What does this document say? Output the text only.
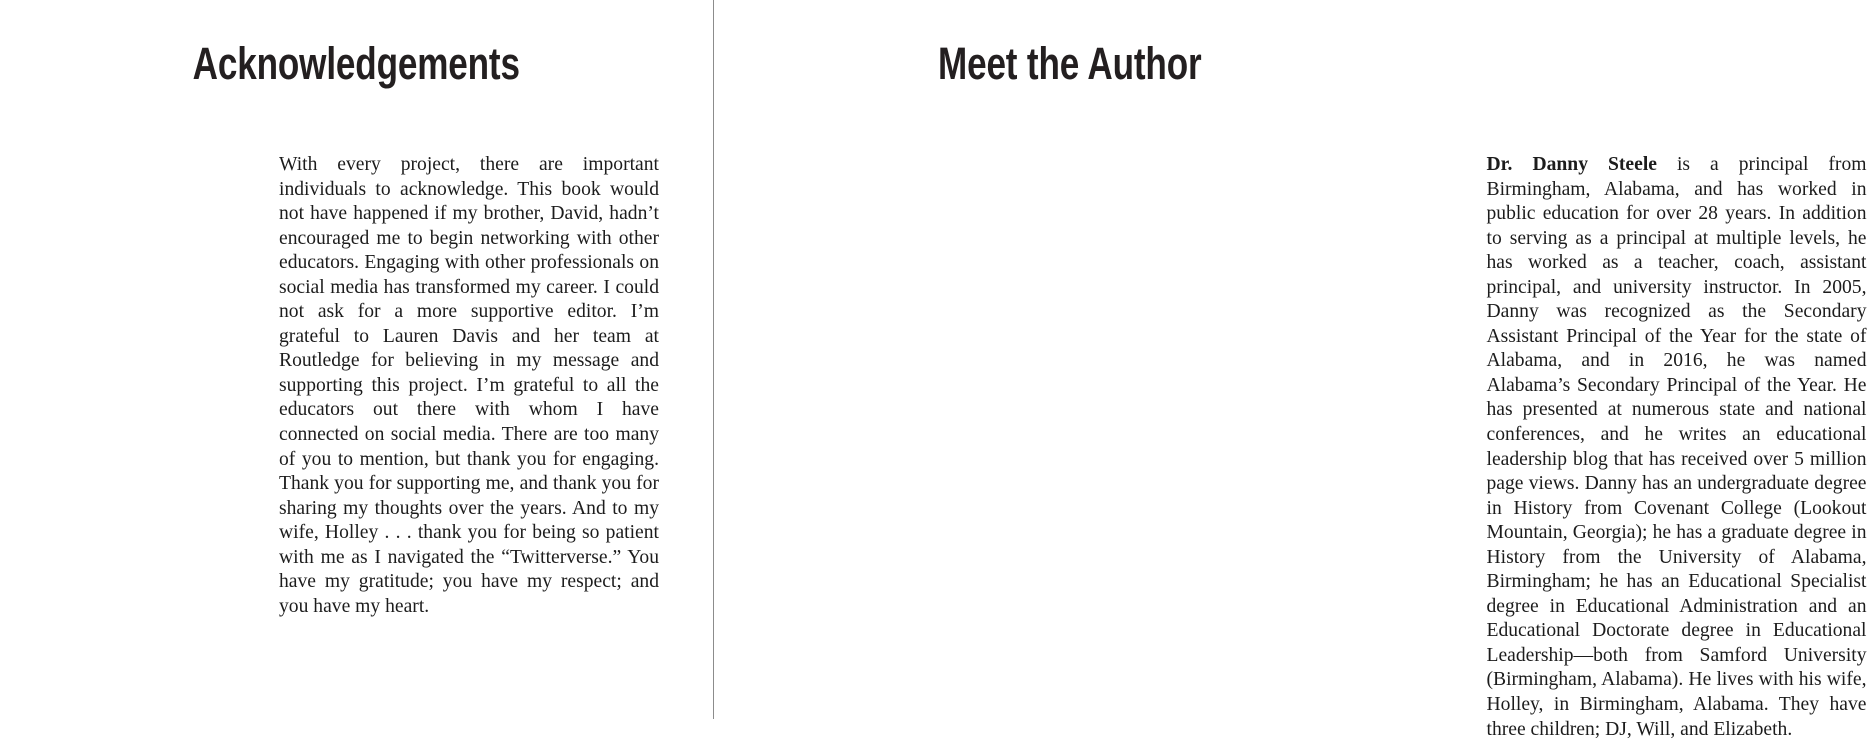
Acknowledgements

With every project, there are important individuals to acknowledge. This book would not have happened if my brother, David, hadn’t encouraged me to begin networking with other educators. Engaging with other professionals on social media has transformed my career. I could not ask for a more supportive editor. I’m grateful to Lauren Davis and her team at Routledge for believing in my message and supporting this project. I’m grateful to all the educators out there with whom I have connected on social media. There are too many of you to mention, but thank you for engaging. Thank you for supporting me, and thank you for sharing my thoughts over the years. And to my wife, Holley . . . thank you for being so patient with me as I navigated the “Twitterverse.” You have my gratitude; you have my respect; and you have my heart.

Meet the Author

Dr. Danny Steele is a principal from Birmingham, Alabama, and has worked in public education for over 28 years. In addition to serving as a principal at multiple levels, he has worked as a teacher, coach, assistant principal, and university instructor. In 2005, Danny was recognized as the Secondary Assistant Principal of the Year for the state of Alabama, and in 2016, he was named Alabama’s Secondary Principal of the Year. He has presented at numerous state and national conferences, and he writes an educational leadership blog that has received over 5 million page views. Danny has an undergraduate degree in History from Covenant College (Lookout Mountain, Georgia); he has a graduate degree in History from the University of Alabama, Birmingham; he has an Educational Specialist degree in Educational Administration and an Educational Doctorate degree in Educational Leadership—both from Samford University (Birmingham, Alabama). He lives with his wife, Holley, in Birmingham, Alabama. They have three children; DJ, Will, and Elizabeth.
